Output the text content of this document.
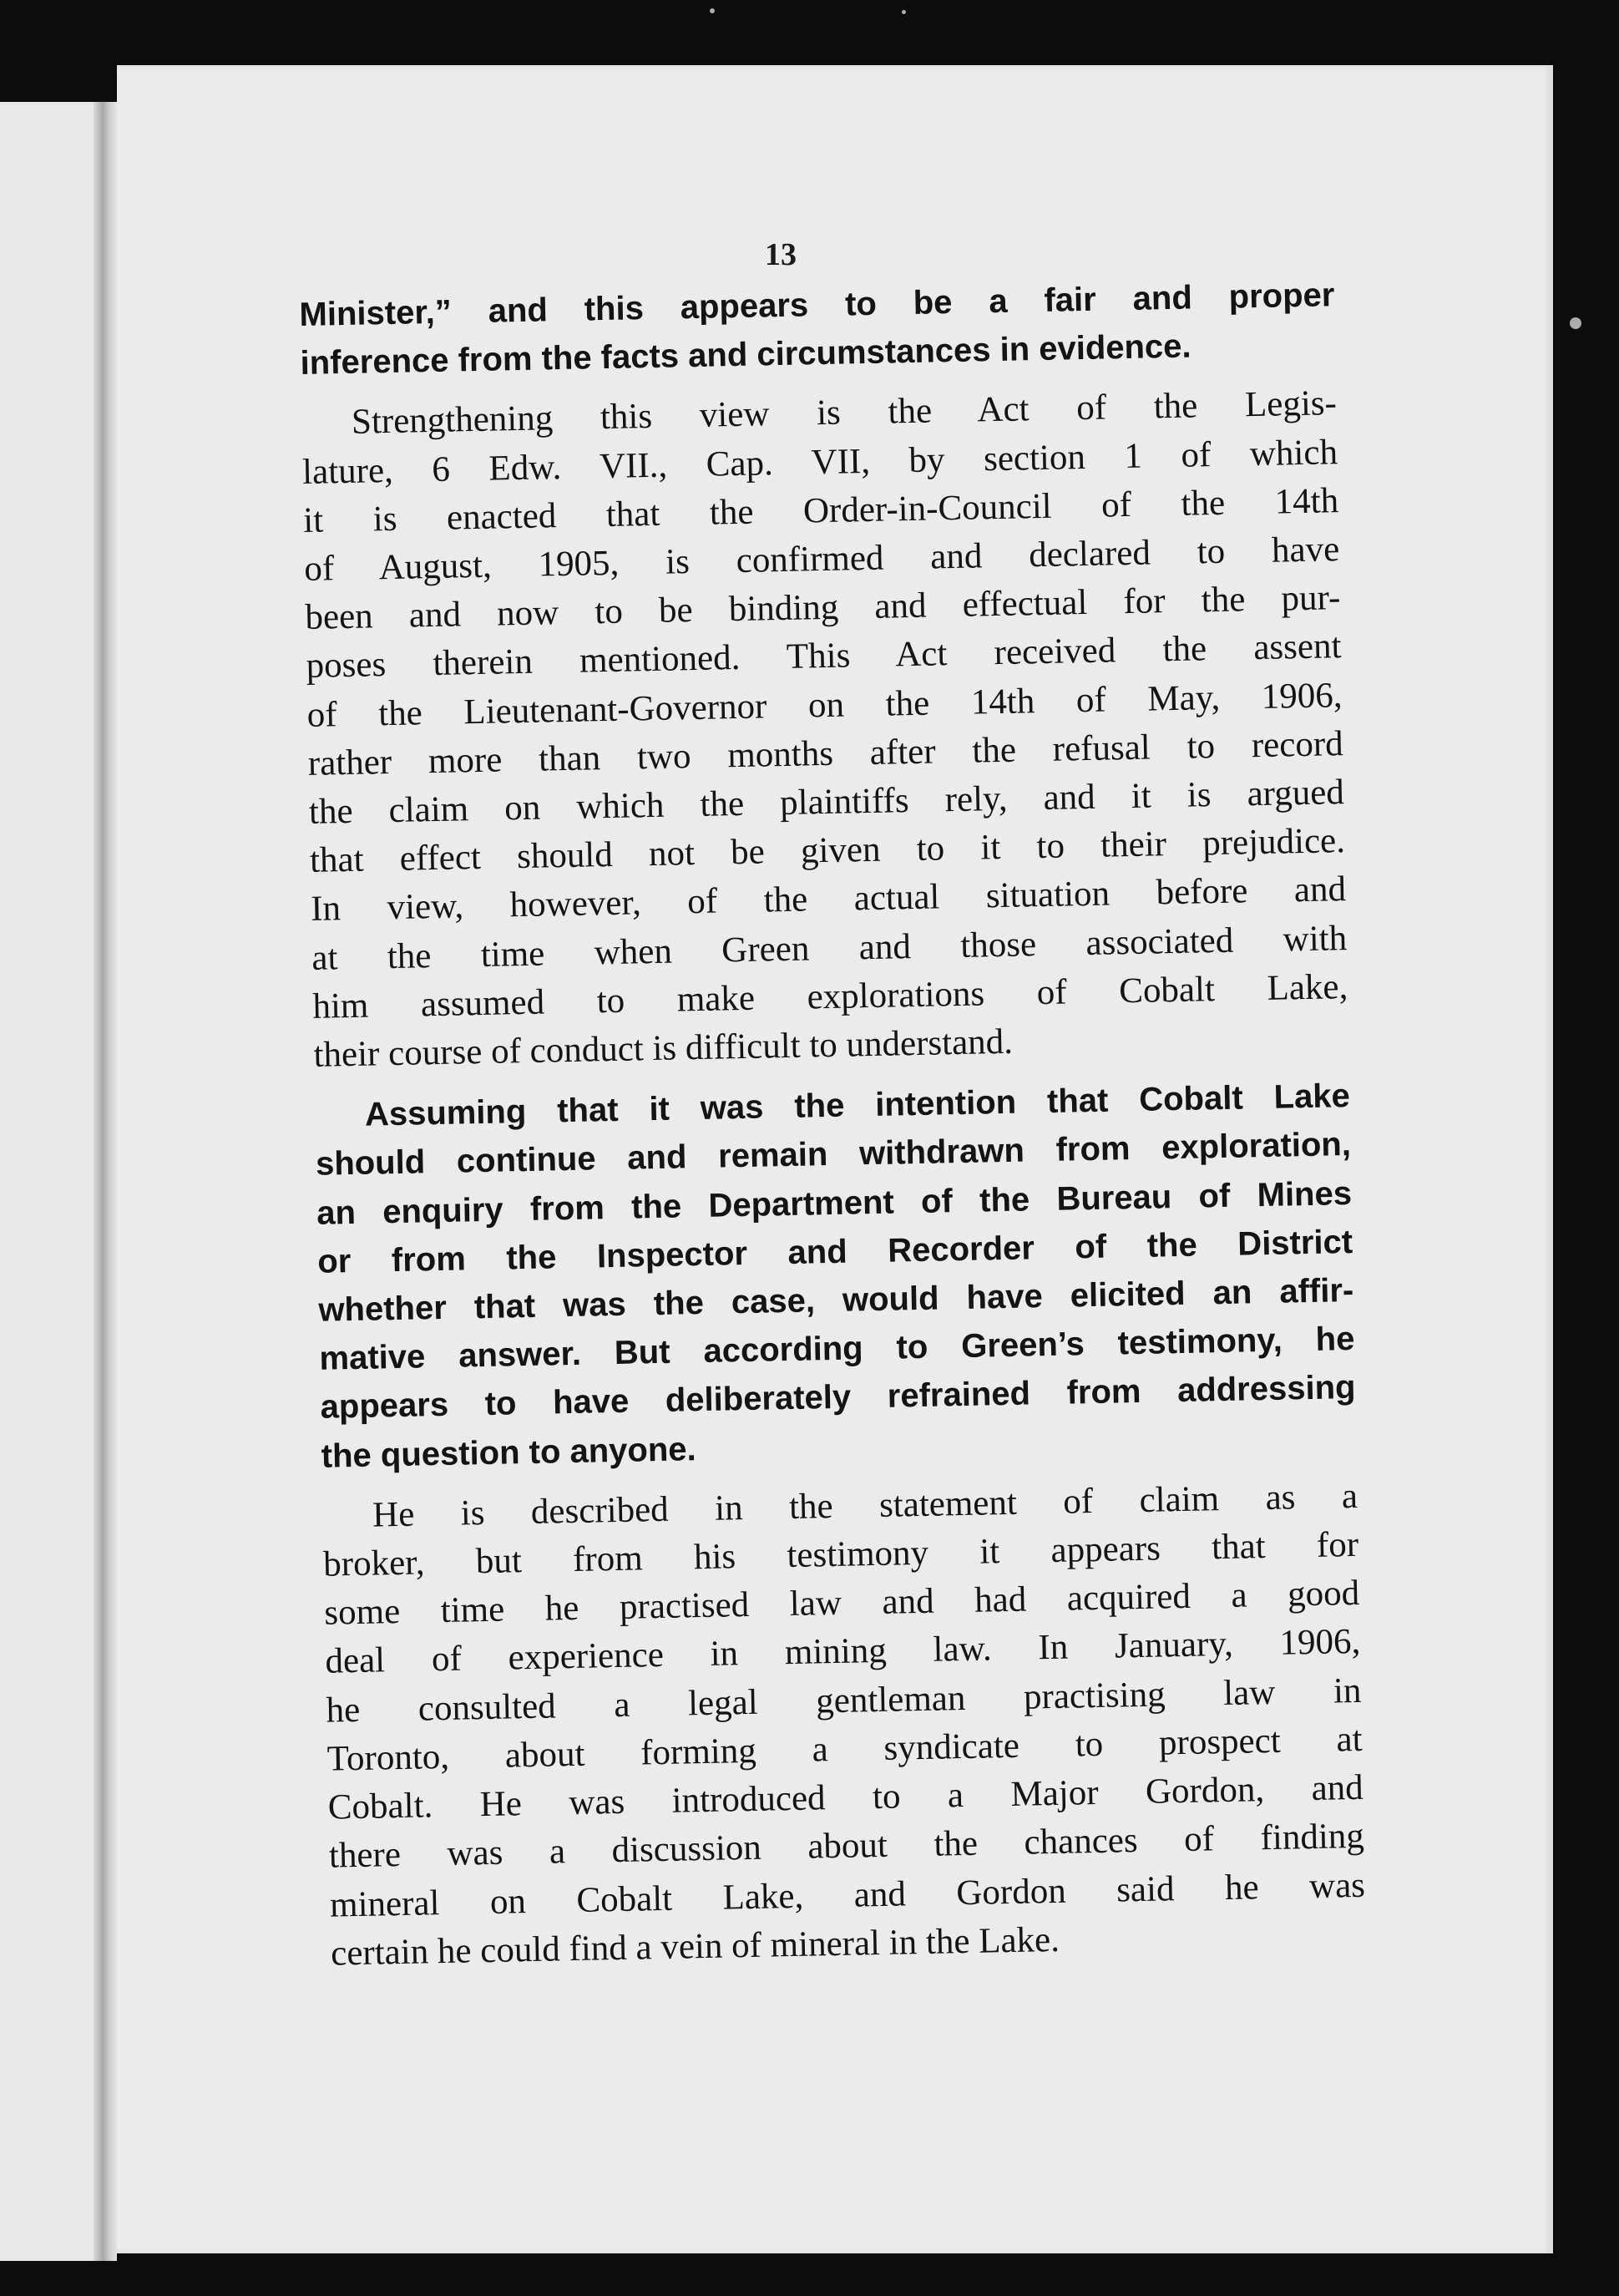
13
Minister,” and this appears to be a fair and proper
inference from the facts and circumstances in evidence.
Strengthening this view is the Act of the Legis-
lature, 6 Edw. VII., Cap. VII, by section 1 of which
it is enacted that the Order-in-Council of the 14th
of August, 1905, is confirmed and declared to have
been and now to be binding and effectual for the pur-
poses therein mentioned. This Act received the assent
of the Lieutenant-Governor on the 14th of May, 1906,
rather more than two months after the refusal to record
the claim on which the plaintiffs rely, and it is argued
that effect should not be given to it to their prejudice.
In view, however, of the actual situation before and
at the time when Green and those associated with
him assumed to make explorations of Cobalt Lake,
their course of conduct is difficult to understand.
Assuming that it was the intention that Cobalt Lake
should continue and remain withdrawn from exploration,
an enquiry from the Department of the Bureau of Mines
or from the Inspector and Recorder of the District
whether that was the case, would have elicited an affir-
mative answer. But according to Green’s testimony, he
appears to have deliberately refrained from addressing
the question to anyone.
He is described in the statement of claim as a
broker, but from his testimony it appears that for
some time he practised law and had acquired a good
deal of experience in mining law. In January, 1906,
he consulted a legal gentleman practising law in
Toronto, about forming a syndicate to prospect at
Cobalt. He was introduced to a Major Gordon, and
there was a discussion about the chances of finding
mineral on Cobalt Lake, and Gordon said he was
certain he could find a vein of mineral in the Lake.
